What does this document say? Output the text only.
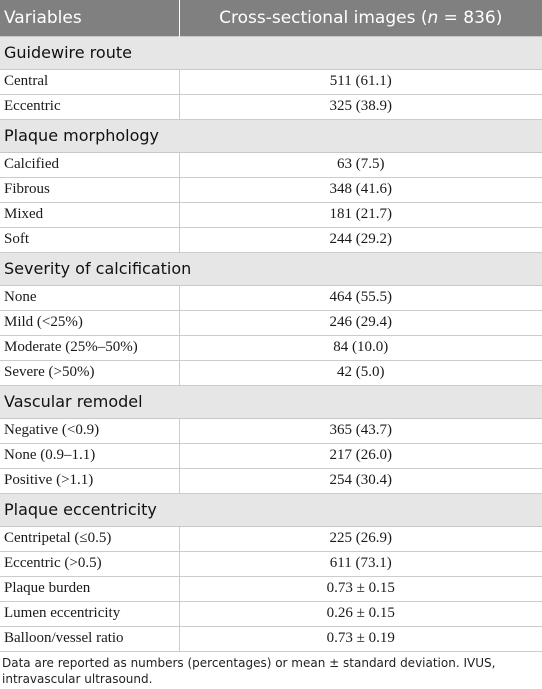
Variables	Cross-sectional images (n = 836)
Guidewire route	
Central	511 (61.1)
Eccentric	325 (38.9)
Plaque morphology	
Calcified	63 (7.5)
Fibrous	348 (41.6)
Mixed	181 (21.7)
Soft	244 (29.2)
Severity of calcification	
None	464 (55.5)
Mild (<25%)	246 (29.4)
Moderate (25%–50%)	84 (10.0)
Severe (>50%)	42 (5.0)
Vascular remodel	
Negative (<0.9)	365 (43.7)
None (0.9–1.1)	217 (26.0)
Positive (>1.1)	254 (30.4)
Plaque eccentricity	
Centripetal (≤0.5)	225 (26.9)
Eccentric (>0.5)	611 (73.1)
Plaque burden	0.73 ± 0.15
Lumen eccentricity	0.26 ± 0.15
Balloon/vessel ratio	0.73 ± 0.19
Data are reported as numbers (percentages) or mean ± standard deviation. IVUS, intravascular ultrasound.
